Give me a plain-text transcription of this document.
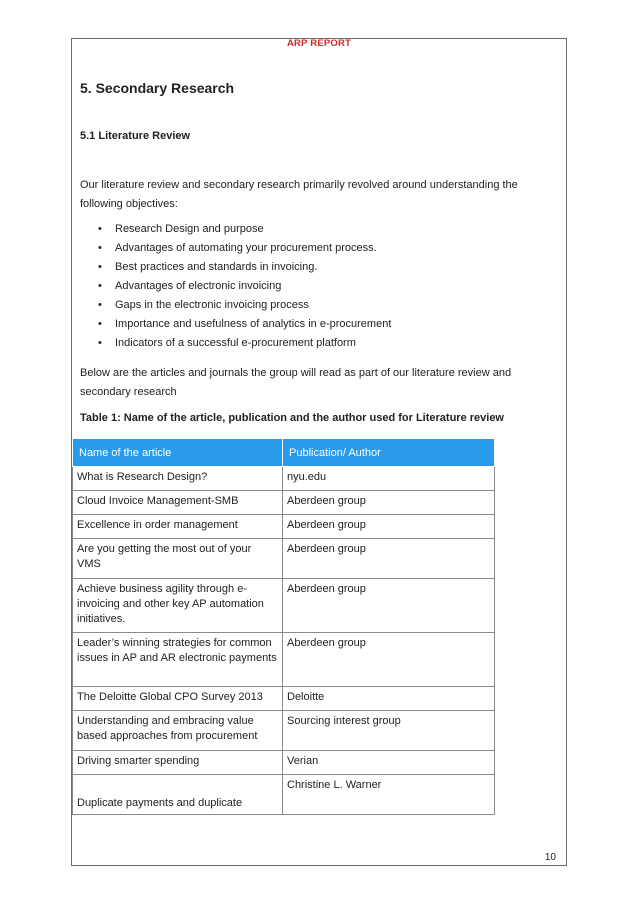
ARP REPORT
5. Secondary Research
5.1 Literature Review
Our literature review and secondary research primarily revolved around understanding the following objectives:
• Research Design and purpose
• Advantages of automating your procurement process.
• Best practices and standards in invoicing.
• Advantages of electronic invoicing
• Gaps in the electronic invoicing process
• Importance and usefulness of analytics in e-procurement
• Indicators of a successful e-procurement platform
Below are the articles and journals the group will read as part of our literature review and secondary research
Table 1: Name of the article, publication and the author used for Literature review
Name of the article	Publication/ Author
What is Research Design?	nyu.edu
Cloud Invoice Management-SMB	Aberdeen group
Excellence in order management	Aberdeen group
Are you getting the most out of your VMS	Aberdeen group
Achieve business agility through e-invoicing and other key AP automation initiatives.	Aberdeen group
Leader’s winning strategies for common issues in AP and AR electronic payments	Aberdeen group
The Deloitte Global CPO Survey 2013	Deloitte
Understanding and embracing value based approaches from procurement	Sourcing interest group
Driving smarter spending	Verian
Duplicate payments and duplicate	Christine L. Warner
10
